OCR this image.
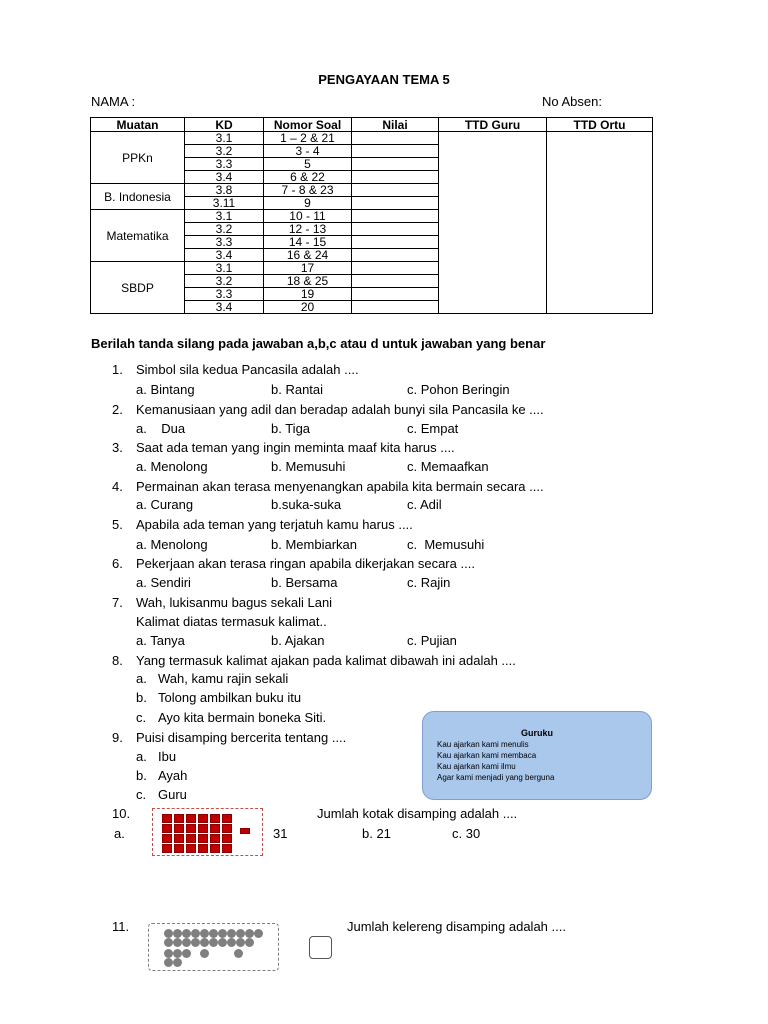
PENGAYAAN TEMA 5
NAMA :	No Absen:
Muatan	KD	Nomor Soal	Nilai	TTD Guru	TTD Ortu
PPKn	3.1	1 – 2 & 21			
	3.2	3 - 4			
	3.3	5			
	3.4	6 & 22			
B. Indonesia	3.8	7 - 8 & 23			
	3.11	9			
Matematika	3.1	10 - 11			
	3.2	12 - 13			
	3.3	14 - 15			
	3.4	16 & 24			
SBDP	3.1	17			
	3.2	18 & 25			
	3.3	19			
	3.4	20			
Berilah tanda silang pada jawaban a,b,c atau d untuk jawaban yang benar
1. Simbol sila kedua Pancasila adalah ....
a. Bintang	b. Rantai	c. Pohon Beringin
2. Kemanusiaan yang adil dan beradap adalah bunyi sila Pancasila ke ....
a.    Dua	b. Tiga	c. Empat
3. Saat ada teman yang ingin meminta maaf kita harus ....
a. Menolong	b. Memusuhi	c. Memaafkan
4. Permainan akan terasa menyenangkan apabila kita bermain secara ....
a. Curang	b.suka-suka	c. Adil
5. Apabila ada teman yang terjatuh kamu harus ....
a. Menolong	b. Membiarkan	c.  Memusuhi
6. Pekerjaan akan terasa ringan apabila dikerjakan secara ....
a. Sendiri	b. Bersama	c. Rajin
7. Wah, lukisanmu bagus sekali Lani
Kalimat diatas termasuk kalimat..
a. Tanya	b. Ajakan	c. Pujian
8. Yang termasuk kalimat ajakan pada kalimat dibawah ini adalah ....
a. Wah, kamu rajin sekali
b. Tolong ambilkan buku itu
c. Ayo kita bermain boneka Siti.
9. Puisi disamping bercerita tentang ....
a. Ibu
b. Ayah
c. Guru
Guruku
Kau ajarkan kami menulis
Kau ajarkan kami membaca
Kau ajarkan kami ilmu
Agar kami menjadi yang berguna
10.	Jumlah kotak disamping adalah ....
a.	31	b. 21	c. 30
11.	Jumlah kelereng disamping adalah ....
